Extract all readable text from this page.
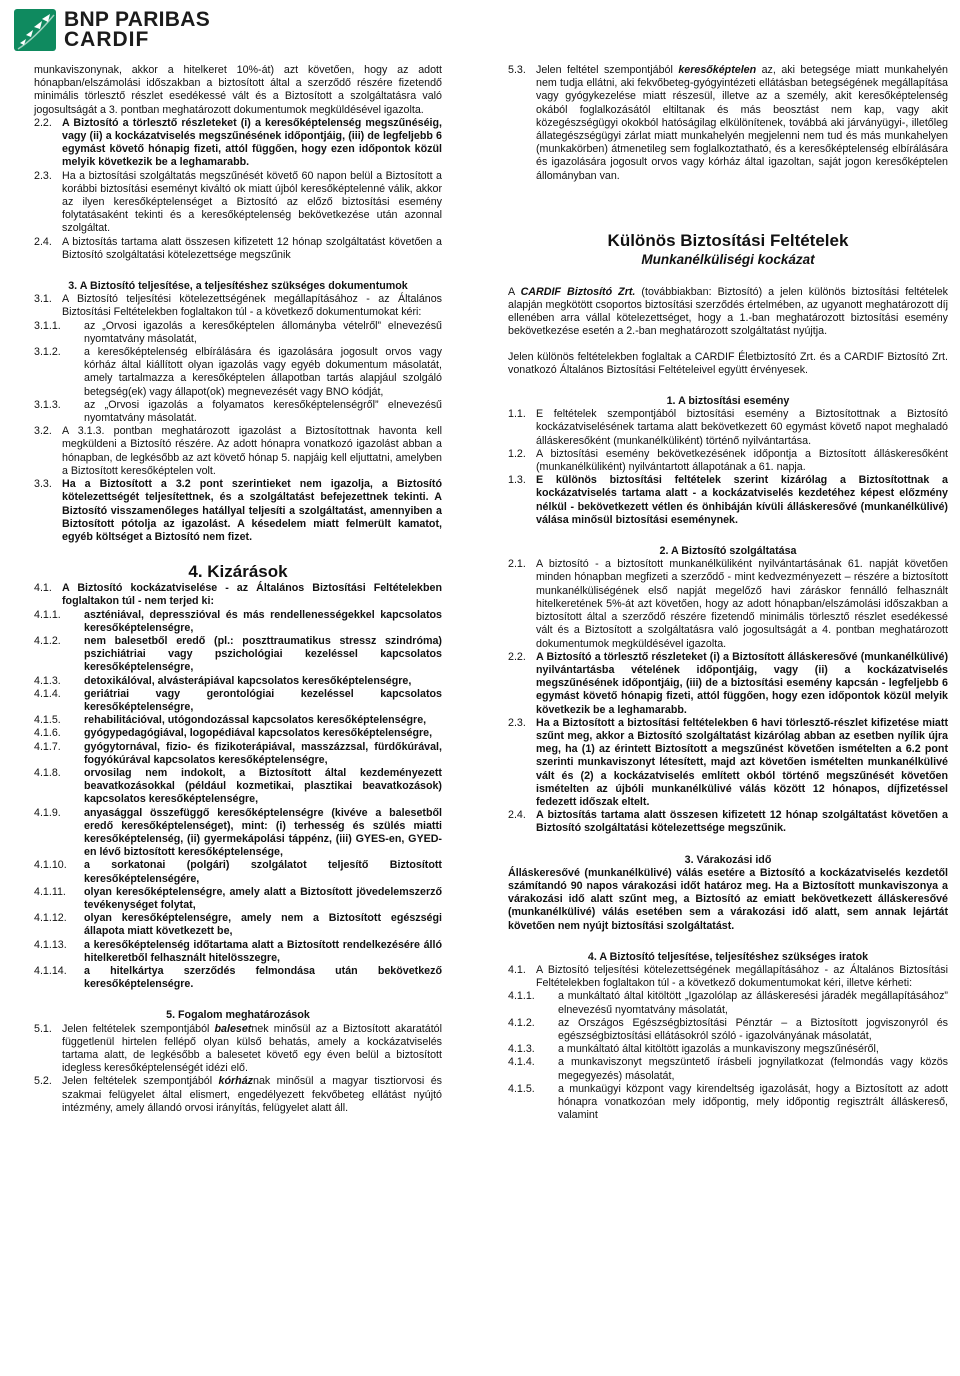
BNP PARIBAS
CARDIF

munkaviszonynak, akkor a hitelkeret 10%-át) azt követően, hogy az adott hónapban/elszámolási időszakban a biztosított által a szerződő részére fizetendő minimális törlesztő részlet esedékessé vált és a Biztosított a szolgáltatásra való jogosultságát a 3. pontban meghatározott dokumentumok megküldésével igazolta.

2.2. A Biztosító a törlesztő részleteket (i) a keresőképtelenség megszűnéséig, vagy (ii) a kockázatviselés megszűnésének időpontjáig, (iii) de legfeljebb 6 egymást követő hónapig fizeti, attól függően, hogy ezen időpontok közül melyik következik be a leghamarabb.
2.3. Ha a biztosítási szolgáltatás megszűnését követő 60 napon belül a Biztosított a korábbi biztosítási eseményt kiváltó ok miatt újból keresőképtelenné válik, akkor az ilyen keresőképtelenséget a Biztosító az előző biztosítási esemény folytatásaként tekinti és a keresőképtelenség bekövetkezése után azonnal szolgáltat.
2.4. A biztosítás tartama alatt összesen kifizetett 12 hónap szolgáltatást követően a Biztosító szolgáltatási kötelezettsége megszűnik

3. A Biztosító teljesítése, a teljesítéshez szükséges dokumentumok

3.1. A Biztosító teljesítési kötelezettségének megállapításához - az Általános Biztosítási Feltételekben foglaltakon túl - a következő dokumentumokat kéri:
3.1.1.	az „Orvosi igazolás a keresőképtelen állományba vételről” elnevezésű nyomtatvány másolatát,
3.1.2.	a keresőképtelenség elbírálására és igazolására jogosult orvos vagy kórház által kiállított olyan igazolás vagy egyéb dokumentum másolatát, amely tartalmazza a keresőképtelen állapotban tartás alapjául szolgáló betegség(ek) vagy állapot(ok) megnevezését vagy BNO kódját,
3.1.3.	az „Orvosi igazolás a folyamatos keresőképtelenségről” elnevezésű nyomtatvány másolatát.
3.2. A 3.1.3. pontban meghatározott igazolást a Biztosítottnak havonta kell megküldeni a Biztosító részére. Az adott hónapra vonatkozó igazolást abban a hónapban, de legkésőbb az azt követő hónap 5. napjáig kell eljuttatni, amelyben a Biztosított keresőképtelen volt.
3.3. Ha a Biztosított a 3.2 pont szerintieket nem igazolja, a Biztosító kötelezettségét teljesítettnek, és a szolgáltatást befejezettnek tekinti. A Biztosító visszamenőleges hatállyal teljesíti a szolgáltatást, amennyiben a Biztosított pótolja az igazolást. A késedelem miatt felmerült kamatot, egyéb költséget a Biztosító nem fizet.

4. Kizárások

4.1. A Biztosító kockázatviselése - az Általános Biztosítási Feltételekben foglaltakon túl - nem terjed ki:
4.1.1.	aszténiával, depresszióval és más rendellenességekkel kapcsolatos keresőképtelenségre,
4.1.2.	nem balesetből eredő (pl.: poszttraumatikus stressz szindróma) pszichiátriai vagy pszichológiai kezeléssel kapcsolatos keresőképtelenségre,
4.1.3.	detoxikálóval, alvásterápiával kapcsolatos keresőképtelenségre,
4.1.4.	geriátriai vagy gerontológiai kezeléssel kapcsolatos keresőképtelenségre,
4.1.5.	rehabilitációval, utógondozással kapcsolatos keresőképtelenségre,
4.1.6.	gyógypedagógiával, logopédiával kapcsolatos keresőképtelenségre,
4.1.7.	gyógytornával, fizio- és fizikoterápiával, masszázzsal, fürdőkúrával, fogyókúrával kapcsolatos keresőképtelenségre,
4.1.8.	orvosilag nem indokolt, a Biztosított által kezdeményezett beavatkozásokkal (például kozmetikai, plasztikai beavatkozások) kapcsolatos keresőképtelenségre,
4.1.9.	anyasággal összefüggő keresőképtelenségre (kivéve a balesetből eredő keresőképtelenséget), mint: (i) terhesség és szülés miatti keresőképtelenség, (ii) gyermekápolási táppénz, (iii) GYES-en, GYED-en lévő biztosított keresőképtelensége,
4.1.10.	a sorkatonai (polgári) szolgálatot teljesítő Biztosított keresőképtelenségére,
4.1.11.	olyan keresőképtelenségre, amely alatt a Biztosított jövedelemszerző tevékenységet folytat,
4.1.12.	olyan keresőképtelenségre, amely nem a Biztosított egészségi állapota miatt következett be,
4.1.13.	a keresőképtelenség időtartama alatt a Biztosított rendelkezésére álló hitelkeretből felhasznált hitelösszegre,
4.1.14.	a hitelkártya szerződés felmondása után bekövetkező keresőképtelenségre.

5. Fogalom meghatározások

5.1. Jelen feltételek szempontjából balesetnek minősül az a Biztosított akaratától függetlenül hirtelen fellépő olyan külső behatás, amely a kockázatviselés tartama alatt, de legkésőbb a balesetet követő egy éven belül a biztosított idegless keresőképtelenségét idézi elő.
5.2. Jelen feltételek szempontjából kórháznak minősül a magyar tisztiorvosi és szakmai felügyelet által elismert, engedélyezett fekvőbeteg ellátást nyújtó intézmény, amely állandó orvosi irányítás, felügyelet alatt áll.
5.3. Jelen feltétel szempontjából keresőképtelen az, aki betegsége miatt munkahelyén nem tudja ellátni, aki fekvőbeteg-gyógyintézeti ellátásban betegségének megállapítása vagy gyógykezelése miatt részesül, illetve az a személy, akit keresőképtelenség okából foglalkozásától eltiltanak és más beosztást nem kap, vagy akit közegészségügyi okokból hatóságilag elkülönítenek, továbbá aki járványügyi-, illetőleg állategészségügyi zárlat miatt munkahelyén megjelenni nem tud és más munkahelyen (munkakörben) átmenetileg sem foglalkoztatható, és a keresőképtelenség elbírálására és igazolására jogosult orvos vagy kórház által igazoltan, saját jogon keresőképtelen állományban van.

Különös Biztosítási Feltételek

Munkanélküliségi kockázat

A CARDIF Biztosító Zrt. (továbbiakban: Biztosító) a jelen különös biztosítási feltételek alapján megkötött csoportos biztosítási szerződés értelmében, az ugyanott meghatározott díj ellenében arra vállal kötelezettséget, hogy a 1.-ban meghatározott biztosítási esemény bekövetkezése esetén a 2.-ban meghatározott szolgáltatást nyújtja.

Jelen különös feltételekben foglaltak a CARDIF Életbiztosító Zrt. és a CARDIF Biztosító Zrt. vonatkozó Általános Biztosítási Feltételeivel együtt érvényesek.

1. A biztosítási esemény

1.1. E feltételek szempontjából biztosítási esemény a Biztosítottnak a Biztosító kockázatviselésének tartama alatt bekövetkezett 60 egymást követő napot meghaladó álláskeresőként (munkanélküliként) történő nyilvántartása.
1.2. A biztosítási esemény bekövetkezésének időpontja a Biztosított álláskeresőként (munkanélküliként) nyilvántartott állapotának a 61. napja.
1.3. E különös biztosítási feltételek szerint kizárólag a Biztosítottnak a kockázatviselés tartama alatt - a kockázatviselés kezdetéhez képest előzmény nélkül - bekövetkezett vétlen és önhibáján kívüli álláskeresővé (munkanélkülivé) válása minősül biztosítási eseménynek.

2. A Biztosító szolgáltatása

2.1. A biztosító - a biztosított munkanélküliként nyilvántartásának 61. napját követően minden hónapban megfizeti a szerződő - mint kedvezményezett – részére a biztosított munkanélküliségének első napját megelőző havi záráskor fennálló felhasznált hitelkeretének 5%-át azt követően, hogy az adott hónapban/elszámolási időszakban a biztosított által a szerződő részére fizetendő minimális törlesztő részlet esedékessé vált és a Biztosított a szolgáltatásra való jogosultságát a 4. pontban meghatározott dokumentumok megküldésével igazolta.
2.2. A Biztosító a törlesztő részleteket (i) a Biztosított álláskeresővé (munkanélkülivé) nyilvántartásba vételének időpontjáig, vagy (ii) a kockázatviselés megszűnésének időpontjáig, (iii) de a biztosítási esemény kapcsán - legfeljebb 6 egymást követő hónapig fizeti, attól függően, hogy ezen időpontok közül melyik következik be a leghamarabb.
2.3. Ha a Biztosított a biztosítási feltételekben 6 havi törlesztő-részlet kifizetése miatt szűnt meg, akkor a Biztosító szolgáltatást kizárólag abban az esetben nyílik újra meg, ha (1) az érintett Biztosított a megszűnést követően ismételten a 6.2 pont szerinti munkaviszonyt létesített, majd azt követően ismételten munkanélkülivé vált és (2) a kockázatviselés említett okból történő megszűnését követően ismételten az újbóli munkanélkülivé válás között 12 hónapos, díjfizetéssel fedezett időszak eltelt.
2.4. A biztosítás tartama alatt összesen kifizetett 12 hónap szolgáltatást követően a Biztosító szolgáltatási kötelezettsége megszűnik.

3. Várakozási idő

Álláskeresővé (munkanélkülivé) válás esetére a Biztosító a kockázatviselés kezdetől számítandó 90 napos várakozási időt határoz meg. Ha a Biztosított munkaviszonya a várakozási idő alatt szűnt meg, a Biztosító az emiatt bekövetkezett álláskeresővé (munkanélkülivé) válás esetében sem a várakozási idő alatt, sem annak lejártát követően nem nyújt biztosítási szolgáltatást.

4. A Biztosító teljesítése, teljesítéshez szükséges iratok

4.1. A Biztosító teljesítési kötelezettségének megállapításához - az Általános Biztosítási Feltételekben foglaltakon túl - a következő dokumentumokat kéri, illetve kérheti:
4.1.1.	a munkáltató által kitöltött „Igazolólap az álláskeresési járadék megállapításához” elnevezésű nyomtatvány másolatát,
4.1.2.	az Országos Egészségbiztosítási Pénztár – a Biztosított jogviszonyról és egészségbiztosítási ellátásokról szóló - igazolványának másolatát,
4.1.3.	a munkáltató által kitöltött igazolás a munkaviszony megszűnéséről,
4.1.4.	a munkaviszonyt megszüntető írásbeli jognyilatkozat (felmondás vagy közös megegyezés) másolatát,
4.1.5.	a munkaügyi központ vagy kirendeltség igazolását, hogy a Biztosított az adott hónapra vonatkozóan mely időpontig, mely időpontig regisztrált álláskereső, valamint
